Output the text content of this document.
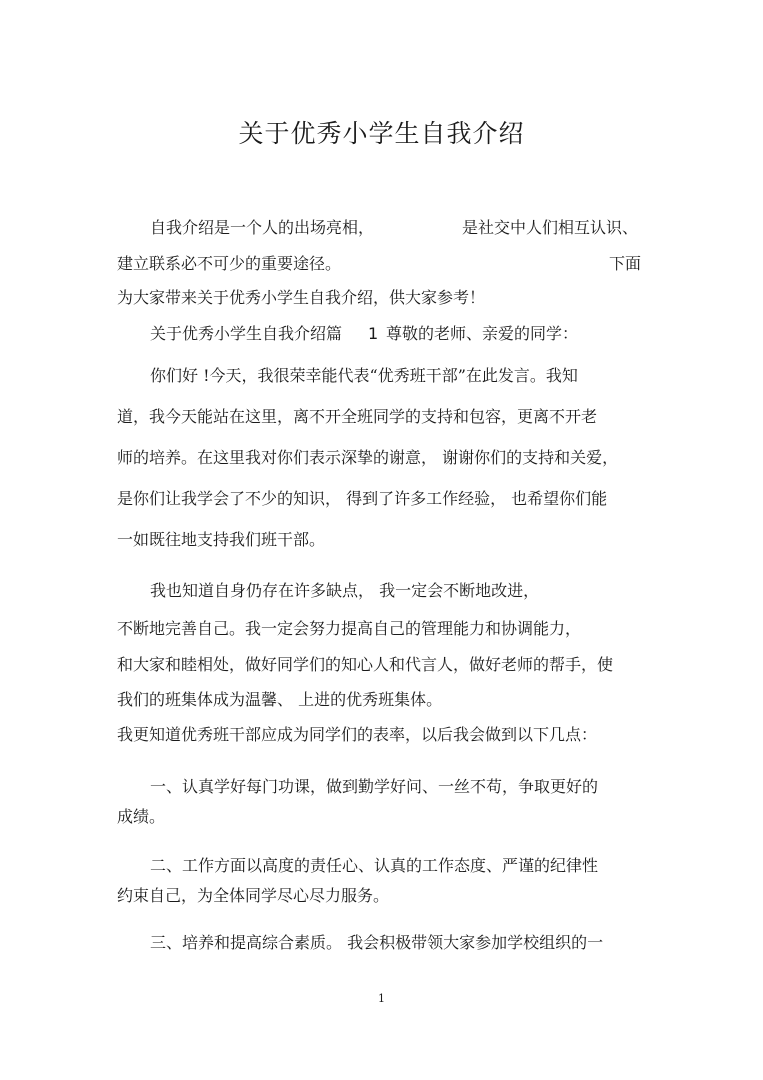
关于优秀小学生自我介绍
自我介绍是一个人的出场亮相，	是社交中人们相互认识、
建立联系必不可少的重要途径。	下面
为大家带来关于优秀小学生自我介绍，供大家参考！
关于优秀小学生自我介绍篇 1 尊敬的老师、亲爱的同学：
你们好 !今天，我很荣幸能代表“优秀班干部”在此发言。我知
道，我今天能站在这里，离不开全班同学的支持和包容，更离不开老
师的培养。在这里我对你们表示深挚的谢意， 谢谢你们的支持和关爱，
是你们让我学会了不少的知识， 得到了许多工作经验， 也希望你们能
一如既往地支持我们班干部。
我也知道自身仍存在许多缺点， 我一定会不断地改进，
不断地完善自己。我一定会努力提高自己的管理能力和协调能力，
和大家和睦相处，做好同学们的知心人和代言人，做好老师的帮手，使
我们的班集体成为温馨、 上进的优秀班集体。
我更知道优秀班干部应成为同学们的表率，以后我会做到以下几点：
一、认真学好每门功课，做到勤学好问、一丝不苟，争取更好的
成绩。
二、工作方面以高度的责任心、认真的工作态度、严谨的纪律性
约束自己，为全体同学尽心尽力服务。
三、培养和提高综合素质。 我会积极带领大家参加学校组织的一
1
